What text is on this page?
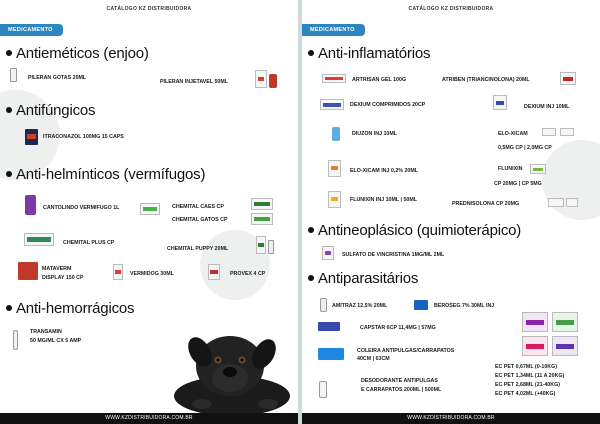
CATÁLOGO KZ DISTRIBUIDORA
MEDICAMENTO
Antieméticos (enjoo)
PILERAN GOTAS 20ML
PILERAN INJETAVEL 50ML
Antifúngicos
ITRACONAZOL 100MG 15 CAPS
Anti-helmínticos (vermífugos)
CANTOLINDO VERMIFUGO 1L	CHEMITAL CAES CP
CHEMITAL GATOS CP
CHEMITAL PLUS CP
CHEMITAL PUPPY 20ML
MATAVERM
DISPLAY 150 CP
VERMIDOG 30ML	PROVEX 4 CP
Anti-hemorrágicos
TRANSAMIN
50 MG/ML CX 5 AMP
WWW.KZDISTRIBUIDORA.COM.BR
CATÁLOGO KZ DISTRIBUIDORA
MEDICAMENTO
Anti-inflamatórios
ARTRISAN GEL 100G	ATRIBEN (TRIANCINOLONA) 20ML
DEXIUM COMPRIMIDOS 20CP	DEXIUM INJ 10ML
DIUZON INJ 10ML	ELO-XICAM
0,5MG CP | 2,0MG CP
ELO-XICAM INJ 0,2% 20ML	FLUNIXIN
CP 20MG | CP 5MG
FLUNIXIN INJ 10ML | 50ML
PREDNISOLONA CP 20MG
Antineoplásico (quimioterápico)
SULFATO DE VINCRISTINA 1MG/ML 2ML
Antiparasitários
AMITRAZ 12,5% 20ML	BEROSEG 7% 30ML INJ
CAPSTAR 6CP 11,4MG | 57MG
COLEIRA ANTIPULGAS/CARRAPATOS
40CM | 63CM
DESODORANTE ANTIPULGAS
E CARRAPATOS 200ML | 500ML
EC PET 0,67ML (0-10KG)
EC PET 1,34ML (11 A 20KG)
EC PET 2,68ML (21-40KG)
EC PET 4,02ML (+40KG)
WWW.KZDISTRIBUIDORA.COM.BR
